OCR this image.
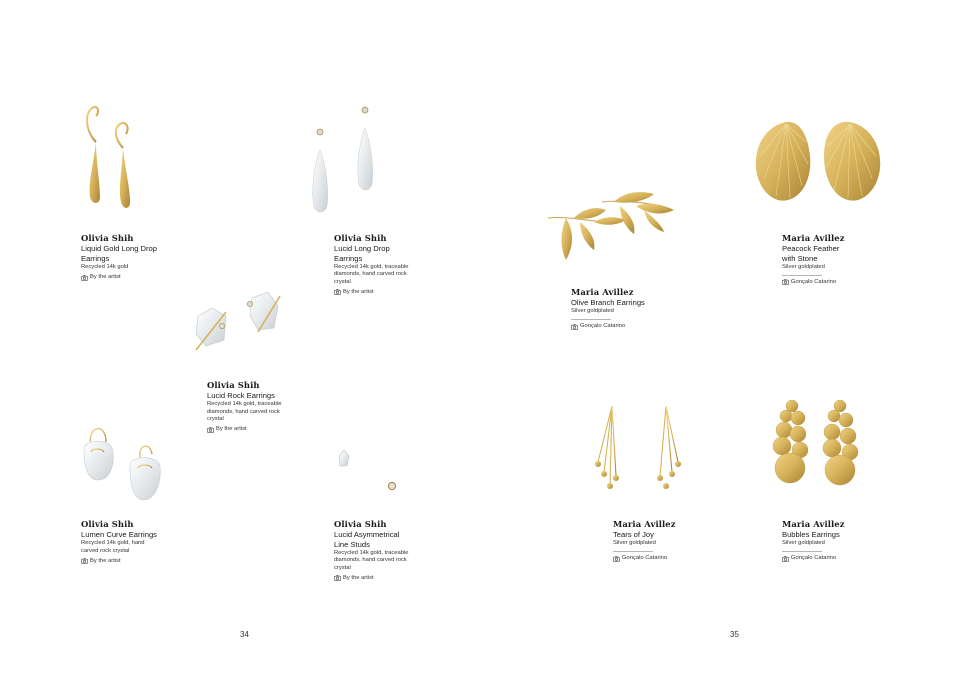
Olivia Shih
Liquid Gold Long Drop
Earrings
Recycled 14k gold
By the artist
Olivia Shih
Lucid Long Drop
Earrings
Recycled 14k gold, traceable
diamonds, hand carved rock
crystal
By the artist
Olivia Shih
Lucid Rock Earrings
Recycled 14k gold, traceable
diamonds, hand carved rock
crystal
By the artist
Olivia Shih
Lumen Curve Earrings
Recycled 14k gold, hand
carved rock crystal
By the artist
Olivia Shih
Lucid Asymmetrical
Line Studs
Recycled 14k gold, traceable
diamonds, hand carved rock
crystal
By the artist
34
Maria Avillez
Olive Branch Earrings
Silver goldplated
Gonçalo Catarino
Maria Avillez
Peacock Feather
with Stone
Silver goldplated
Gonçalo Catarino
Maria Avillez
Tears of Joy
Silver goldplated
Gonçalo Catarino
Maria Avillez
Bubbles Earrings
Silver goldplated
Gonçalo Catarino
35
